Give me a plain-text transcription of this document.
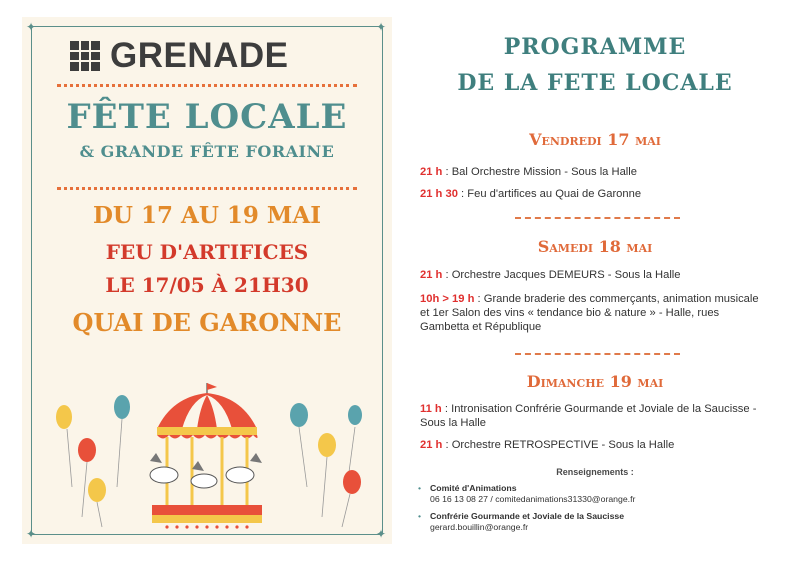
✦	✦
✦	✦
GRENADE
FÊTE LOCALE
& GRANDE FÊTE FORAINE
DU 17 AU 19 MAI
FEU D'ARTIFICES
LE 17/05 À 21H30
QUAI DE GARONNE
PROGRAMME
DE LA FETE LOCALE
Vendredi 17 mai
21 h : Bal Orchestre Mission - Sous la Halle
21 h 30 : Feu d'artifices au Quai de Garonne
Samedi 18 mai
21 h : Orchestre Jacques DEMEURS - Sous la Halle
10h > 19 h : Grande braderie des commerçants, animation musicale et 1er Salon des vins « tendance bio & nature » - Halle, rues Gambetta et République
Dimanche 19 mai
11 h : Intronisation Confrérie Gourmande et Joviale de la Saucisse - Sous la Halle
21 h : Orchestre RETROSPECTIVE - Sous la Halle
Renseignements :
• Comité d'Animations
06 16 13 08 27 / comitedanimations31330@orange.fr
• Confrérie Gourmande et Joviale de la Saucisse
gerard.bouillin@orange.fr
